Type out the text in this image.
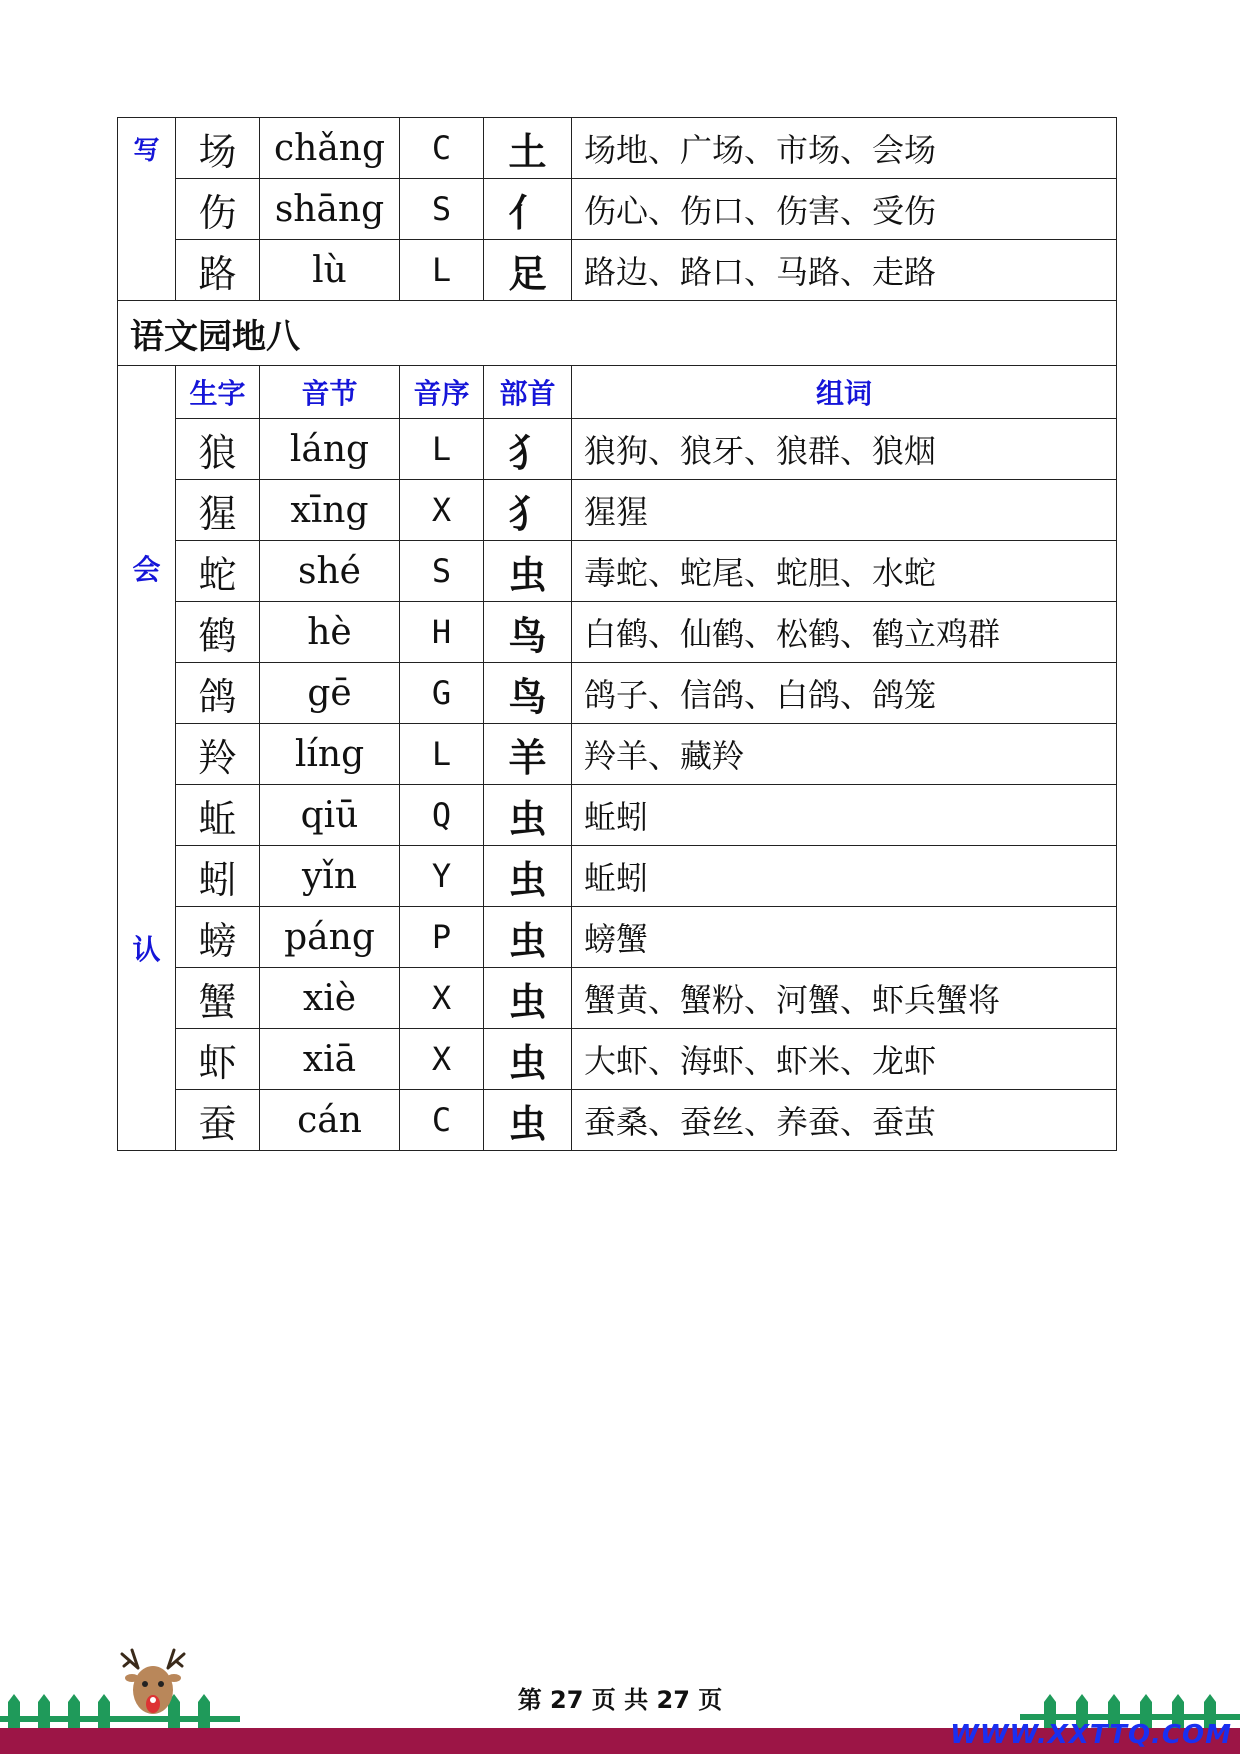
写	场	chǎng	C	土	场地、广场、市场、会场
	伤	shāng	S	亻	伤心、伤口、伤害、受伤
	路	lù	L	足	路边、路口、马路、走路
语文园地八					

会
认	生字	音节	音序	部首	组词
	狼	láng	L	犭	狼狗、狼牙、狼群、狼烟
	猩	xīng	X	犭	猩猩
	蛇	shé	S	虫	毒蛇、蛇尾、蛇胆、水蛇
	鹤	hè	H	鸟	白鹤、仙鹤、松鹤、鹤立鸡群
	鸽	gē	G	鸟	鸽子、信鸽、白鸽、鸽笼
	羚	líng	L	羊	羚羊、藏羚
	蚯	qiū	Q	虫	蚯蚓
	蚓	yǐn	Y	虫	蚯蚓
	螃	páng	P	虫	螃蟹
	蟹	xiè	X	虫	蟹黄、蟹粉、河蟹、虾兵蟹将
	虾	xiā	X	虫	大虾、海虾、虾米、龙虾
	蚕	cán	C	虫	蚕桑、蚕丝、养蚕、蚕茧
第 27 页 共 27 页
WWW.XXTTQ.COM
